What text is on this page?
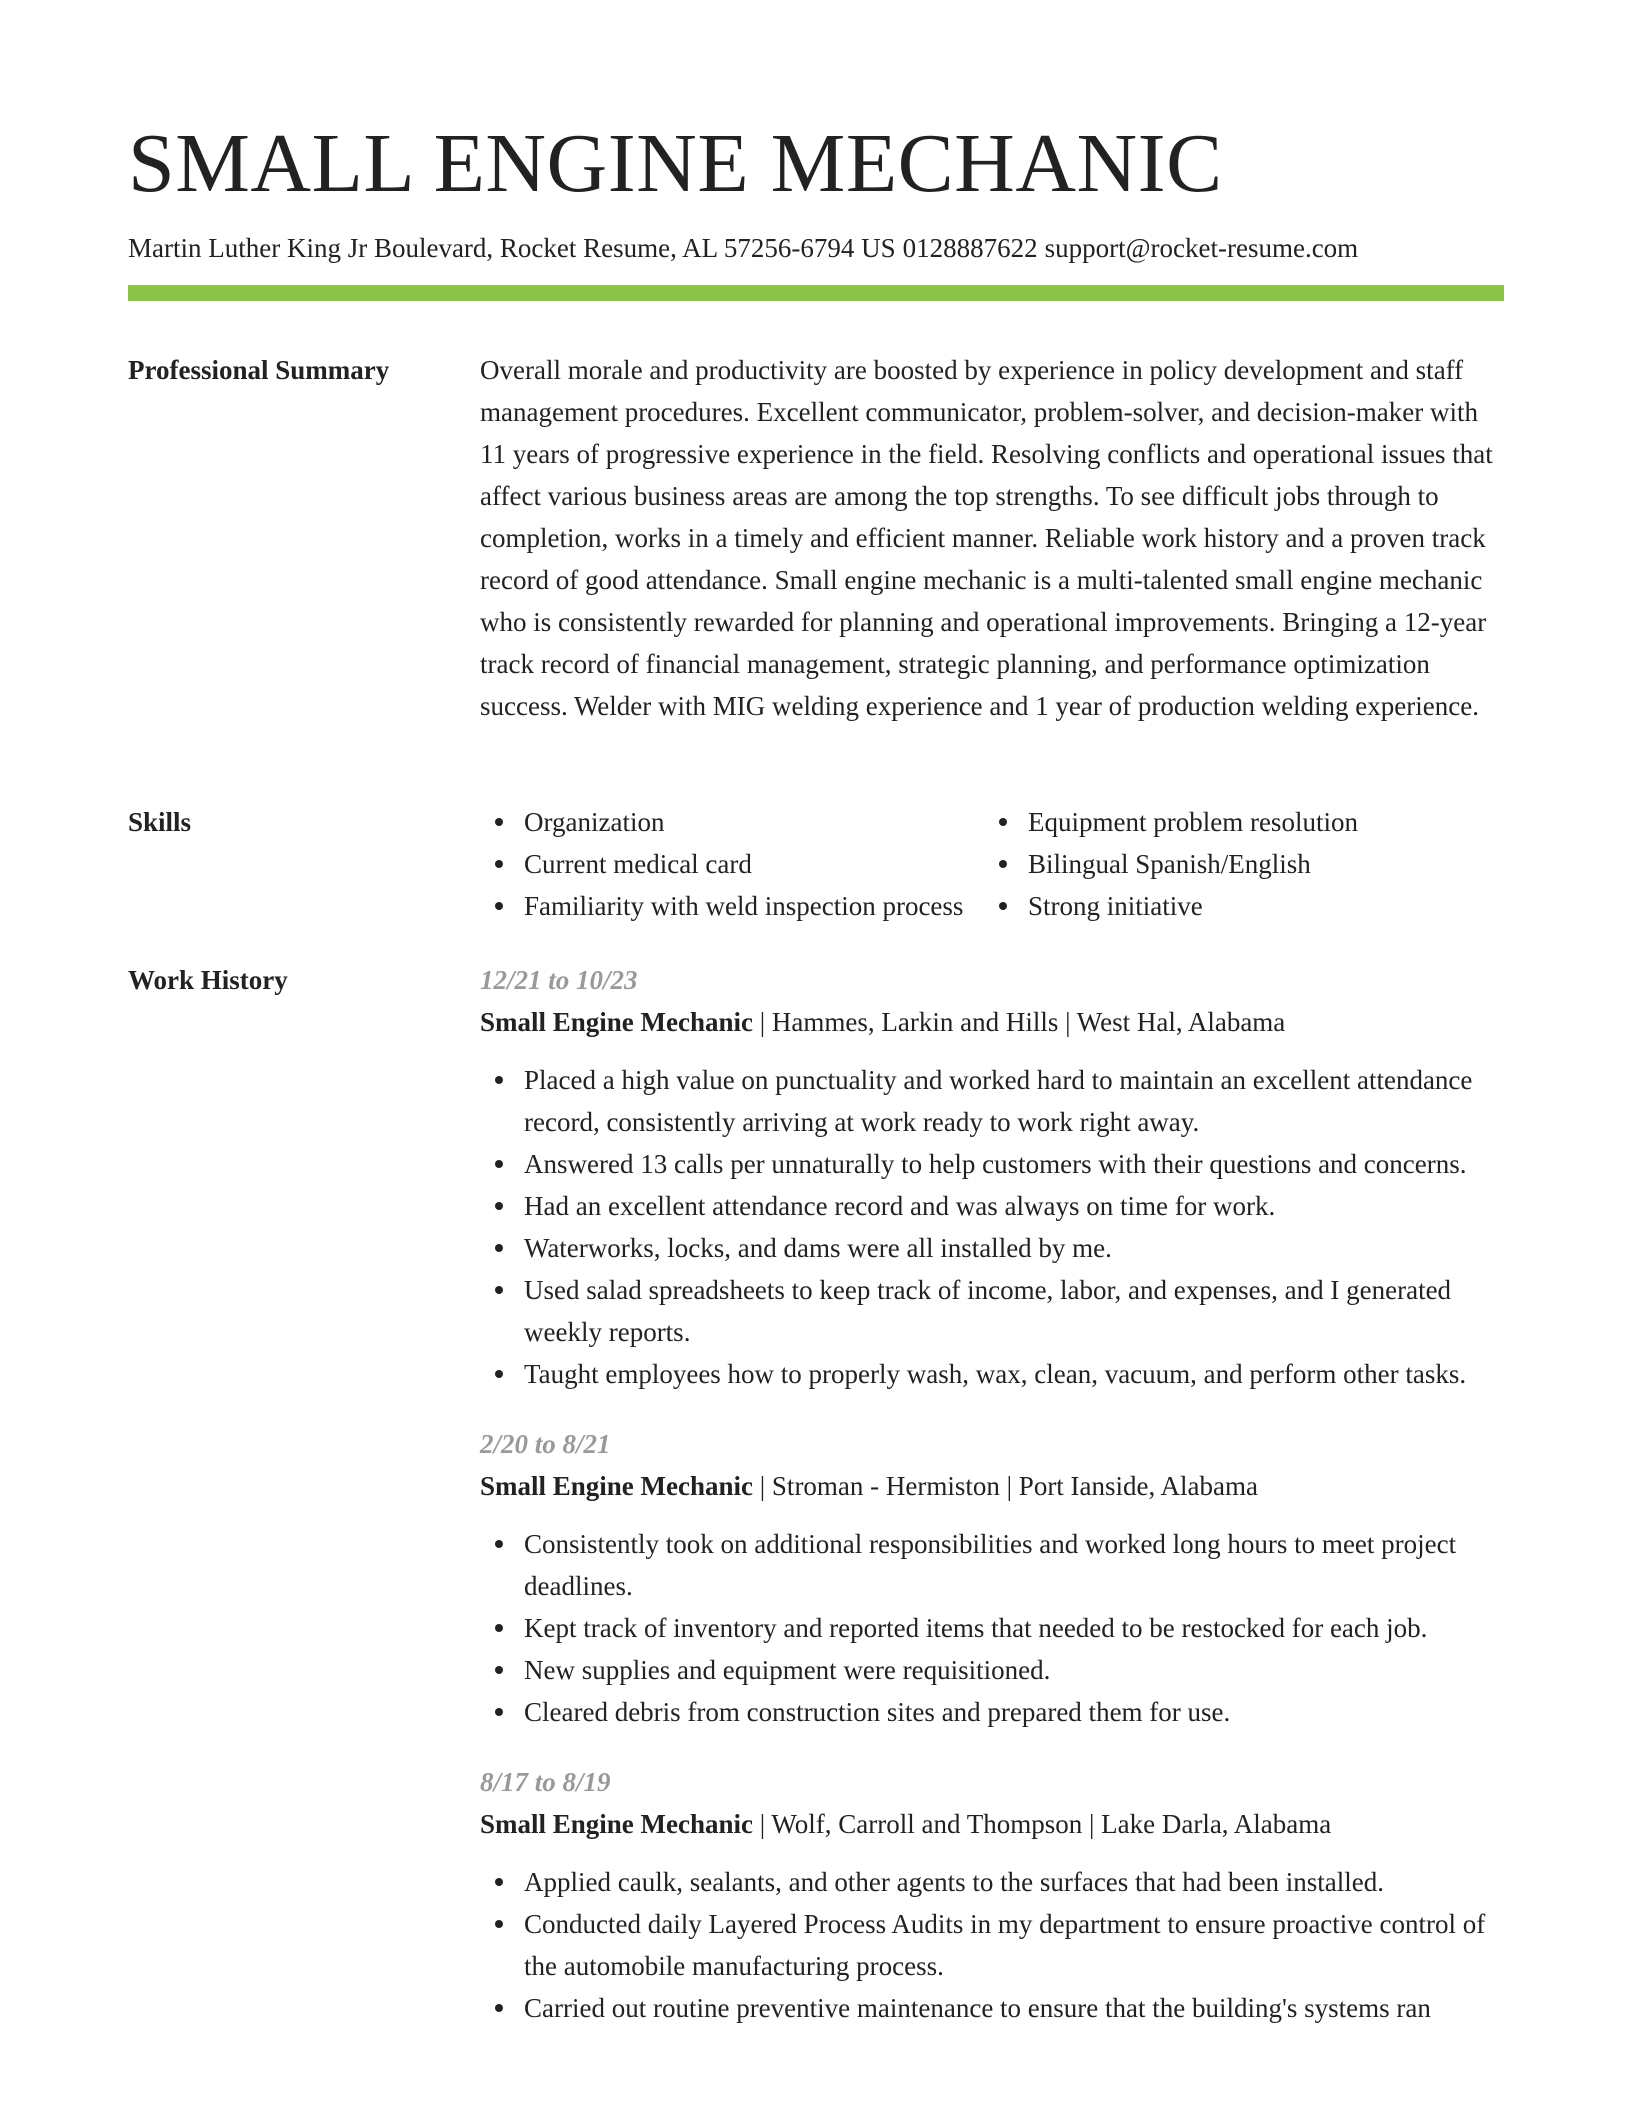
SMALL ENGINE MECHANIC
Martin Luther King Jr Boulevard, Rocket Resume, AL 57256-6794 US 0128887622 support@rocket-resume.com
Professional Summary	Overall morale and productivity are boosted by experience in policy development and staff management procedures. Excellent communicator, problem-solver, and decision-maker with 11 years of progressive experience in the field. Resolving conflicts and operational issues that affect various business areas are among the top strengths. To see difficult jobs through to completion, works in a timely and efficient manner. Reliable work history and a proven track record of good attendance. Small engine mechanic is a multi-talented small engine mechanic who is consistently rewarded for planning and operational improvements. Bringing a 12-year track record of financial management, strategic planning, and performance optimization success. Welder with MIG welding experience and 1 year of production welding experience.

Skills	Organization
Current medical card
Familiarity with weld inspection process
Equipment problem resolution
Bilingual Spanish/English
Strong initiative
Work History	12/21 to 10/23
Small Engine Mechanic | Hammes, Larkin and Hills | West Hal, Alabama
Placed a high value on punctuality and worked hard to maintain an excellent attendance record, consistently arriving at work ready to work right away.
Answered 13 calls per unnaturally to help customers with their questions and concerns.
Had an excellent attendance record and was always on time for work.
Waterworks, locks, and dams were all installed by me.
Used salad spreadsheets to keep track of income, labor, and expenses, and I generated weekly reports.
Taught employees how to properly wash, wax, clean, vacuum, and perform other tasks.
2/20 to 8/21
Small Engine Mechanic | Stroman - Hermiston | Port Ianside, Alabama
Consistently took on additional responsibilities and worked long hours to meet project deadlines.
Kept track of inventory and reported items that needed to be restocked for each job.
New supplies and equipment were requisitioned.
Cleared debris from construction sites and prepared them for use.
8/17 to 8/19
Small Engine Mechanic | Wolf, Carroll and Thompson | Lake Darla, Alabama
Applied caulk, sealants, and other agents to the surfaces that had been installed.
Conducted daily Layered Process Audits in my department to ensure proactive control of the automobile manufacturing process.
Carried out routine preventive maintenance to ensure that the building's systems ran
